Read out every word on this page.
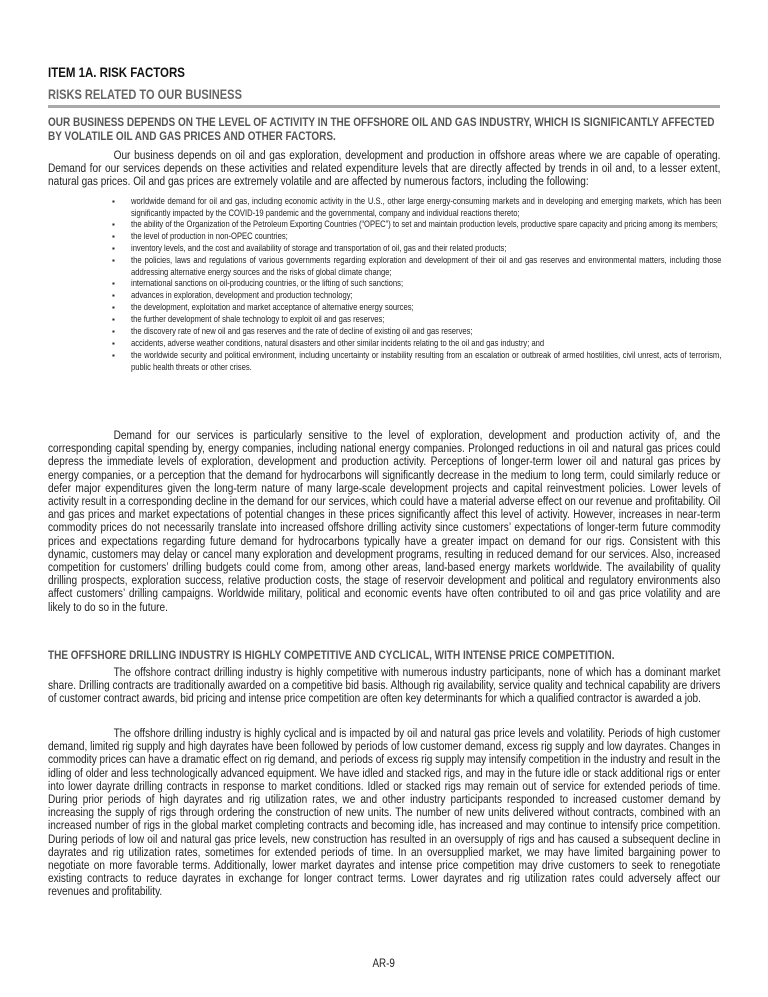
ITEM 1A. RISK FACTORS
RISKS RELATED TO OUR BUSINESS
OUR BUSINESS DEPENDS ON THE LEVEL OF ACTIVITY IN THE OFFSHORE OIL AND GAS INDUSTRY, WHICH IS SIGNIFICANTLY AFFECTED BY VOLATILE OIL AND GAS PRICES AND OTHER FACTORS.

Our business depends on oil and gas exploration, development and production in offshore areas where we are capable of operating. Demand for our services depends on these activities and related expenditure levels that are directly affected by trends in oil and, to a lesser extent, natural gas prices. Oil and gas prices are extremely volatile and are affected by numerous factors, including the following:

▪ worldwide demand for oil and gas, including economic activity in the U.S., other large energy-consuming markets and in developing and emerging markets, which has been significantly impacted by the COVID-19 pandemic and the governmental, company and individual reactions thereto;
▪ the ability of the Organization of the Petroleum Exporting Countries (“OPEC”) to set and maintain production levels, productive spare capacity and pricing among its members;
▪ the level of production in non-OPEC countries;
▪ inventory levels, and the cost and availability of storage and transportation of oil, gas and their related products;
▪ the policies, laws and regulations of various governments regarding exploration and development of their oil and gas reserves and environmental matters, including those addressing alternative energy sources and the risks of global climate change;
▪ international sanctions on oil-producing countries, or the lifting of such sanctions;
▪ advances in exploration, development and production technology;
▪ the development, exploitation and market acceptance of alternative energy sources;
▪ the further development of shale technology to exploit oil and gas reserves;
▪ the discovery rate of new oil and gas reserves and the rate of decline of existing oil and gas reserves;
▪ accidents, adverse weather conditions, natural disasters and other similar incidents relating to the oil and gas industry; and
▪ the worldwide security and political environment, including uncertainty or instability resulting from an escalation or outbreak of armed hostilities, civil unrest, acts of terrorism, public health threats or other crises.

Demand for our services is particularly sensitive to the level of exploration, development and production activity of, and the corresponding capital spending by, energy companies, including national energy companies. Prolonged reductions in oil and natural gas prices could depress the immediate levels of exploration, development and production activity. Perceptions of longer-term lower oil and natural gas prices by energy companies, or a perception that the demand for hydrocarbons will significantly decrease in the medium to long term, could similarly reduce or defer major expenditures given the long-term nature of many large-scale development projects and capital reinvestment policies. Lower levels of activity result in a corresponding decline in the demand for our services, which could have a material adverse effect on our revenue and profitability. Oil and gas prices and market expectations of potential changes in these prices significantly affect this level of activity. However, increases in near-term commodity prices do not necessarily translate into increased offshore drilling activity since customers’ expectations of longer-term future commodity prices and expectations regarding future demand for hydrocarbons typically have a greater impact on demand for our rigs. Consistent with this dynamic, customers may delay or cancel many exploration and development programs, resulting in reduced demand for our services. Also, increased competition for customers’ drilling budgets could come from, among other areas, land-based energy markets worldwide. The availability of quality drilling prospects, exploration success, relative production costs, the stage of reservoir development and political and regulatory environments also affect customers’ drilling campaigns. Worldwide military, political and economic events have often contributed to oil and gas price volatility and are likely to do so in the future.

THE OFFSHORE DRILLING INDUSTRY IS HIGHLY COMPETITIVE AND CYCLICAL, WITH INTENSE PRICE COMPETITION.

The offshore contract drilling industry is highly competitive with numerous industry participants, none of which has a dominant market share. Drilling contracts are traditionally awarded on a competitive bid basis. Although rig availability, service quality and technical capability are drivers of customer contract awards, bid pricing and intense price competition are often key determinants for which a qualified contractor is awarded a job.

The offshore drilling industry is highly cyclical and is impacted by oil and natural gas price levels and volatility. Periods of high customer demand, limited rig supply and high dayrates have been followed by periods of low customer demand, excess rig supply and low dayrates. Changes in commodity prices can have a dramatic effect on rig demand, and periods of excess rig supply may intensify competition in the industry and result in the idling of older and less technologically advanced equipment. We have idled and stacked rigs, and may in the future idle or stack additional rigs or enter into lower dayrate drilling contracts in response to market conditions. Idled or stacked rigs may remain out of service for extended periods of time. During prior periods of high dayrates and rig utilization rates, we and other industry participants responded to increased customer demand by increasing the supply of rigs through ordering the construction of new units. The number of new units delivered without contracts, combined with an increased number of rigs in the global market completing contracts and becoming idle, has increased and may continue to intensify price competition. During periods of low oil and natural gas price levels, new construction has resulted in an oversupply of rigs and has caused a subsequent decline in dayrates and rig utilization rates, sometimes for extended periods of time. In an oversupplied market, we may have limited bargaining power to negotiate on more favorable terms. Additionally, lower market dayrates and intense price competition may drive customers to seek to renegotiate existing contracts to reduce dayrates in exchange for longer contract terms. Lower dayrates and rig utilization rates could adversely affect our revenues and profitability.

AR-9
